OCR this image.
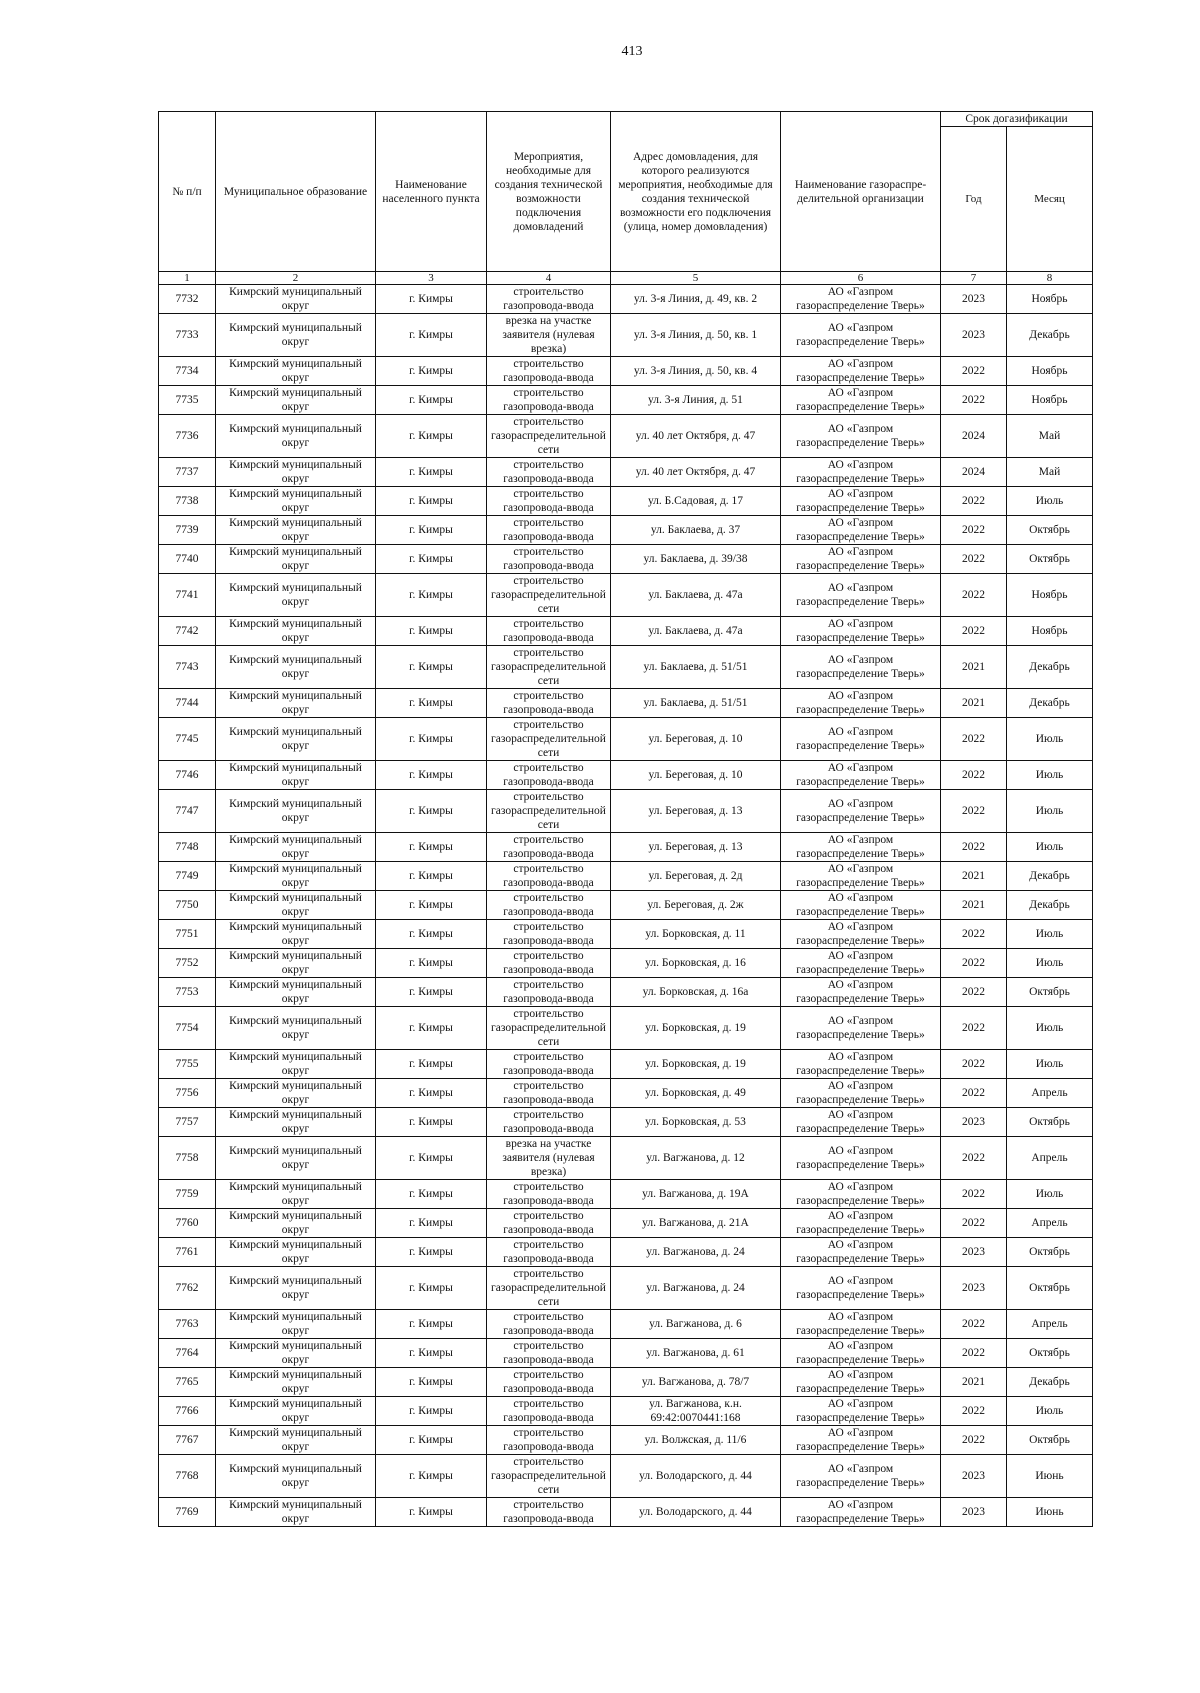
413
№ п/п	Муниципальное образование	Наименование населенного пункта	Мероприятия, необходимые для создания технической возможности подключения домовладений	Адрес домовладения, для которого реализуются мероприятия, необходимые для создания технической возможности его подключения (улица, номер домовладения)	Наименование газораспре-делительной организации	Срок догазификации	
						Год	Месяц
1	2	3	4	5	6	7	8
7732	Кимрский муниципальный округ	г. Кимры	строительство газопровода-ввода	ул. 3-я Линия, д. 49, кв. 2	АО «Газпром газораспределение Тверь»	2023	Ноябрь
7733	Кимрский муниципальный округ	г. Кимры	врезка на участке заявителя (нулевая врезка)	ул. 3-я Линия, д. 50, кв. 1	АО «Газпром газораспределение Тверь»	2023	Декабрь
7734	Кимрский муниципальный округ	г. Кимры	строительство газопровода-ввода	ул. 3-я Линия, д. 50, кв. 4	АО «Газпром газораспределение Тверь»	2022	Ноябрь
7735	Кимрский муниципальный округ	г. Кимры	строительство газопровода-ввода	ул. 3-я Линия, д. 51	АО «Газпром газораспределение Тверь»	2022	Ноябрь
7736	Кимрский муниципальный округ	г. Кимры	строительство газораспределительной сети	ул. 40 лет Октября, д. 47	АО «Газпром газораспределение Тверь»	2024	Май
7737	Кимрский муниципальный округ	г. Кимры	строительство газопровода-ввода	ул. 40 лет Октября, д. 47	АО «Газпром газораспределение Тверь»	2024	Май
7738	Кимрский муниципальный округ	г. Кимры	строительство газопровода-ввода	ул. Б.Садовая, д. 17	АО «Газпром газораспределение Тверь»	2022	Июль
7739	Кимрский муниципальный округ	г. Кимры	строительство газопровода-ввода	ул. Баклаева, д. 37	АО «Газпром газораспределение Тверь»	2022	Октябрь
7740	Кимрский муниципальный округ	г. Кимры	строительство газопровода-ввода	ул. Баклаева, д. 39/38	АО «Газпром газораспределение Тверь»	2022	Октябрь
7741	Кимрский муниципальный округ	г. Кимры	строительство газораспределительной сети	ул. Баклаева, д. 47а	АО «Газпром газораспределение Тверь»	2022	Ноябрь
7742	Кимрский муниципальный округ	г. Кимры	строительство газопровода-ввода	ул. Баклаева, д. 47а	АО «Газпром газораспределение Тверь»	2022	Ноябрь
7743	Кимрский муниципальный округ	г. Кимры	строительство газораспределительной сети	ул. Баклаева, д. 51/51	АО «Газпром газораспределение Тверь»	2021	Декабрь
7744	Кимрский муниципальный округ	г. Кимры	строительство газопровода-ввода	ул. Баклаева, д. 51/51	АО «Газпром газораспределение Тверь»	2021	Декабрь
7745	Кимрский муниципальный округ	г. Кимры	строительство газораспределительной сети	ул. Береговая, д. 10	АО «Газпром газораспределение Тверь»	2022	Июль
7746	Кимрский муниципальный округ	г. Кимры	строительство газопровода-ввода	ул. Береговая, д. 10	АО «Газпром газораспределение Тверь»	2022	Июль
7747	Кимрский муниципальный округ	г. Кимры	строительство газораспределительной сети	ул. Береговая, д. 13	АО «Газпром газораспределение Тверь»	2022	Июль
7748	Кимрский муниципальный округ	г. Кимры	строительство газопровода-ввода	ул. Береговая, д. 13	АО «Газпром газораспределение Тверь»	2022	Июль
7749	Кимрский муниципальный округ	г. Кимры	строительство газопровода-ввода	ул. Береговая, д. 2д	АО «Газпром газораспределение Тверь»	2021	Декабрь
7750	Кимрский муниципальный округ	г. Кимры	строительство газопровода-ввода	ул. Береговая, д. 2ж	АО «Газпром газораспределение Тверь»	2021	Декабрь
7751	Кимрский муниципальный округ	г. Кимры	строительство газопровода-ввода	ул. Борковская, д. 11	АО «Газпром газораспределение Тверь»	2022	Июль
7752	Кимрский муниципальный округ	г. Кимры	строительство газопровода-ввода	ул. Борковская, д. 16	АО «Газпром газораспределение Тверь»	2022	Июль
7753	Кимрский муниципальный округ	г. Кимры	строительство газопровода-ввода	ул. Борковская, д. 16а	АО «Газпром газораспределение Тверь»	2022	Октябрь
7754	Кимрский муниципальный округ	г. Кимры	строительство газораспределительной сети	ул. Борковская, д. 19	АО «Газпром газораспределение Тверь»	2022	Июль
7755	Кимрский муниципальный округ	г. Кимры	строительство газопровода-ввода	ул. Борковская, д. 19	АО «Газпром газораспределение Тверь»	2022	Июль
7756	Кимрский муниципальный округ	г. Кимры	строительство газопровода-ввода	ул. Борковская, д. 49	АО «Газпром газораспределение Тверь»	2022	Апрель
7757	Кимрский муниципальный округ	г. Кимры	строительство газопровода-ввода	ул. Борковская, д. 53	АО «Газпром газораспределение Тверь»	2023	Октябрь
7758	Кимрский муниципальный округ	г. Кимры	врезка на участке заявителя (нулевая врезка)	ул. Вагжанова, д. 12	АО «Газпром газораспределение Тверь»	2022	Апрель
7759	Кимрский муниципальный округ	г. Кимры	строительство газопровода-ввода	ул. Вагжанова, д. 19А	АО «Газпром газораспределение Тверь»	2022	Июль
7760	Кимрский муниципальный округ	г. Кимры	строительство газопровода-ввода	ул. Вагжанова, д. 21А	АО «Газпром газораспределение Тверь»	2022	Апрель
7761	Кимрский муниципальный округ	г. Кимры	строительство газопровода-ввода	ул. Вагжанова, д. 24	АО «Газпром газораспределение Тверь»	2023	Октябрь
7762	Кимрский муниципальный округ	г. Кимры	строительство газораспределительной сети	ул. Вагжанова, д. 24	АО «Газпром газораспределение Тверь»	2023	Октябрь
7763	Кимрский муниципальный округ	г. Кимры	строительство газопровода-ввода	ул. Вагжанова, д. 6	АО «Газпром газораспределение Тверь»	2022	Апрель
7764	Кимрский муниципальный округ	г. Кимры	строительство газопровода-ввода	ул. Вагжанова, д. 61	АО «Газпром газораспределение Тверь»	2022	Октябрь
7765	Кимрский муниципальный округ	г. Кимры	строительство газопровода-ввода	ул. Вагжанова, д. 78/7	АО «Газпром газораспределение Тверь»	2021	Декабрь
7766	Кимрский муниципальный округ	г. Кимры	строительство газопровода-ввода	ул. Вагжанова, к.н. 69:42:0070441:168	АО «Газпром газораспределение Тверь»	2022	Июль
7767	Кимрский муниципальный округ	г. Кимры	строительство газопровода-ввода	ул. Волжская, д. 11/6	АО «Газпром газораспределение Тверь»	2022	Октябрь
7768	Кимрский муниципальный округ	г. Кимры	строительство газораспределительной сети	ул. Володарского, д. 44	АО «Газпром газораспределение Тверь»	2023	Июнь
7769	Кимрский муниципальный округ	г. Кимры	строительство газопровода-ввода	ул. Володарского, д. 44	АО «Газпром газораспределение Тверь»	2023	Июнь
